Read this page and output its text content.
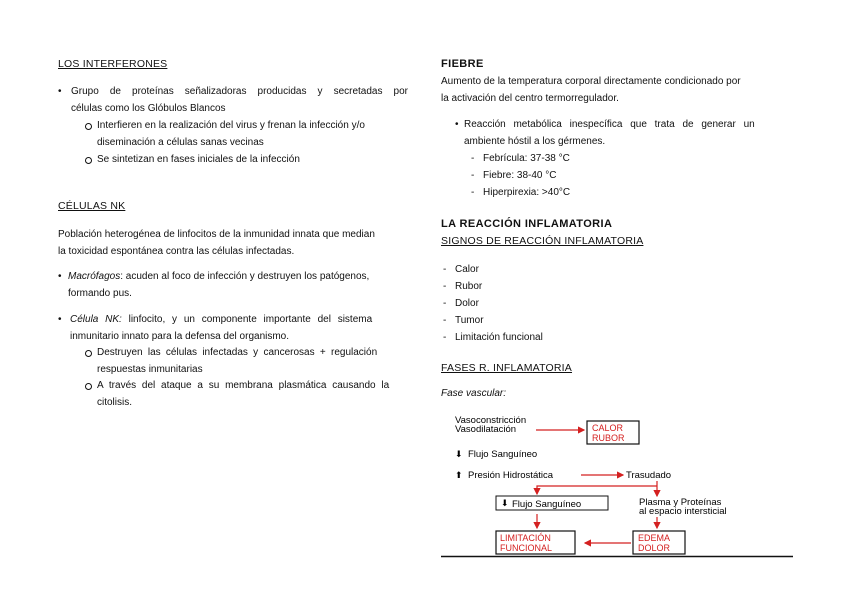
LOS INTERFERONES
• Grupo de proteínas señalizadoras producidas y secretadas por
células como los Glóbulos Blancos
Interfieren en la realización del virus y frenan la infección y/o
diseminación a células sanas vecinas
Se sintetizan en fases iniciales de la infección
CÉLULAS NK
Población heterogénea de linfocitos de la inmunidad innata que median
la toxicidad espontánea contra las células infectadas.
• Macrófagos: acuden al foco de infección y destruyen los patógenos,
formando pus.
• Célula NK: linfocito, y un componente importante del sistema
inmunitario innato para la defensa del organismo.
Destruyen las células infectadas y cancerosas + regulación
respuestas inmunitarias
A través del ataque a su membrana plasmática causando la
citolisis.
FIEBRE
Aumento de la temperatura corporal directamente condicionado por
la activación del centro termorregulador.
• Reacción metabólica inespecífica que trata de generar un
ambiente hóstil a los gérmenes.
- Febrícula: 37-38 °C
- Fiebre: 38-40 °C
- Hiperpirexia: >40°C
LA REACCIÓN INFLAMATORIA
SIGNOS DE REACCIÓN INFLAMATORIA
- Calor
- Rubor
- Dolor
- Tumor
- Limitación funcional
FASES R. INFLAMATORIA
Fase vascular:
Vasoconstricción
Vasodilatación	CALOR
RUBOR
⬇ Flujo Sanguíneo
⬆ Presión Hidrostática	Trasudado
⬇ Flujo Sanguíneo	Plasma y Proteínas
al espacio intersticial
LIMITACIÓN
FUNCIONAL
EDEMA
DOLOR
